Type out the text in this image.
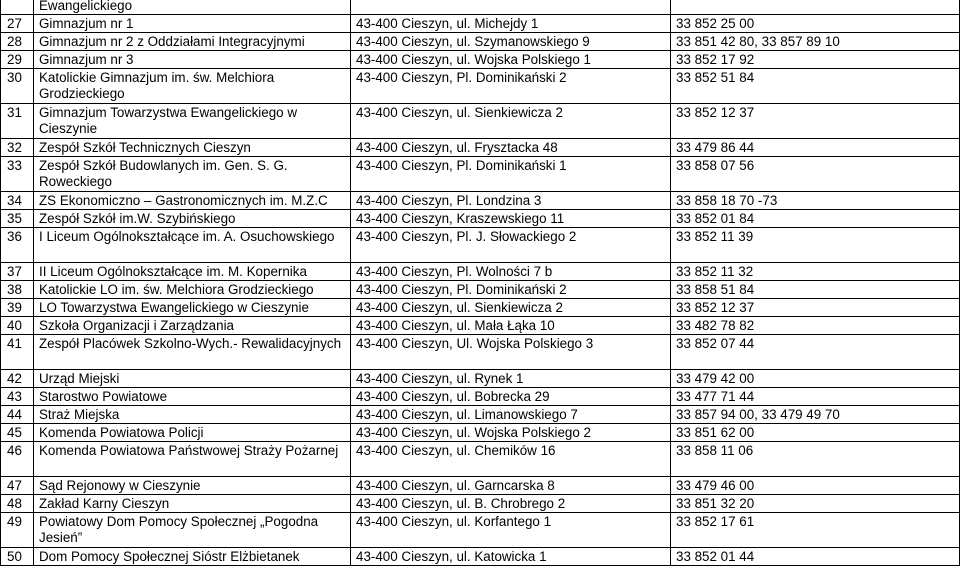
	Ewangelickiego		
27	Gimnazjum nr 1	43-400 Cieszyn, ul. Michejdy 1	33 852 25 00
28	Gimnazjum nr 2 z Oddziałami Integracyjnymi	43-400 Cieszyn, ul. Szymanowskiego 9	33 851 42 80, 33 857 89 10
29	Gimnazjum nr 3	43-400 Cieszyn, ul. Wojska Polskiego 1	33 852 17 92
30	Katolickie Gimnazjum im. św. Melchiora Grodzieckiego	43-400 Cieszyn, Pl. Dominikański 2	33 852 51 84
31	Gimnazjum Towarzystwa Ewangelickiego w Cieszynie	43-400 Cieszyn, ul. Sienkiewicza 2	33 852 12 37
32	Zespół Szkół Technicznych Cieszyn	43-400 Cieszyn, ul. Frysztacka 48	33 479 86 44
33	Zespół Szkół Budowlanych im. Gen. S. G. Roweckiego	43-400 Cieszyn, Pl. Dominikański 1	33 858 07 56
34	ZS Ekonomiczno – Gastronomicznych im. M.Z.C	43-400 Cieszyn, Pl. Londzina 3	33 858 18 70 -73
35	Zespół Szkół im.W. Szybińskiego	43-400 Cieszyn, Kraszewskiego 11	33 852 01 84
36	I Liceum Ogólnokształcące im. A. Osuchowskiego	43-400 Cieszyn, Pl. J. Słowackiego 2	33 852 11 39
37	II Liceum Ogólnokształcące im. M. Kopernika	43-400 Cieszyn, Pl. Wolności 7 b	33 852 11 32
38	Katolickie LO im. św. Melchiora Grodzieckiego	43-400 Cieszyn, Pl. Dominikański 2	33 858 51 84
39	LO Towarzystwa Ewangelickiego w Cieszynie	43-400 Cieszyn, ul. Sienkiewicza 2	33 852 12 37
40	Szkoła Organizacji i Zarządzania	43-400 Cieszyn, ul. Mała Łąka 10	33 482 78 82
41	Zespół Placówek Szkolno-Wych.- Rewalidacyjnych	43-400 Cieszyn, Ul. Wojska Polskiego 3	33 852 07 44
42	Urząd Miejski	43-400 Cieszyn, ul. Rynek 1	33 479 42 00
43	Starostwo Powiatowe	43-400 Cieszyn, ul. Bobrecka 29	33 477 71 44
44	Straż Miejska	43-400 Cieszyn, ul. Limanowskiego 7	33 857 94 00, 33 479 49 70
45	Komenda Powiatowa Policji	43-400 Cieszyn, ul. Wojska Polskiego 2	33 851 62 00
46	Komenda Powiatowa Państwowej Straży Pożarnej	43-400 Cieszyn, ul. Chemików 16	33 858 11 06
47	Sąd Rejonowy w Cieszynie	43-400 Cieszyn, ul. Garncarska 8	33 479 46 00
48	Zakład Karny Cieszyn	43-400 Cieszyn, ul. B. Chrobrego 2	33 851 32 20
49	Powiatowy Dom Pomocy Społecznej „Pogodna Jesień”	43-400 Cieszyn, ul. Korfantego 1	33 852 17 61
50	Dom Pomocy Społecznej Sióstr Elżbietanek	43-400 Cieszyn, ul. Katowicka 1	33 852 01 44
